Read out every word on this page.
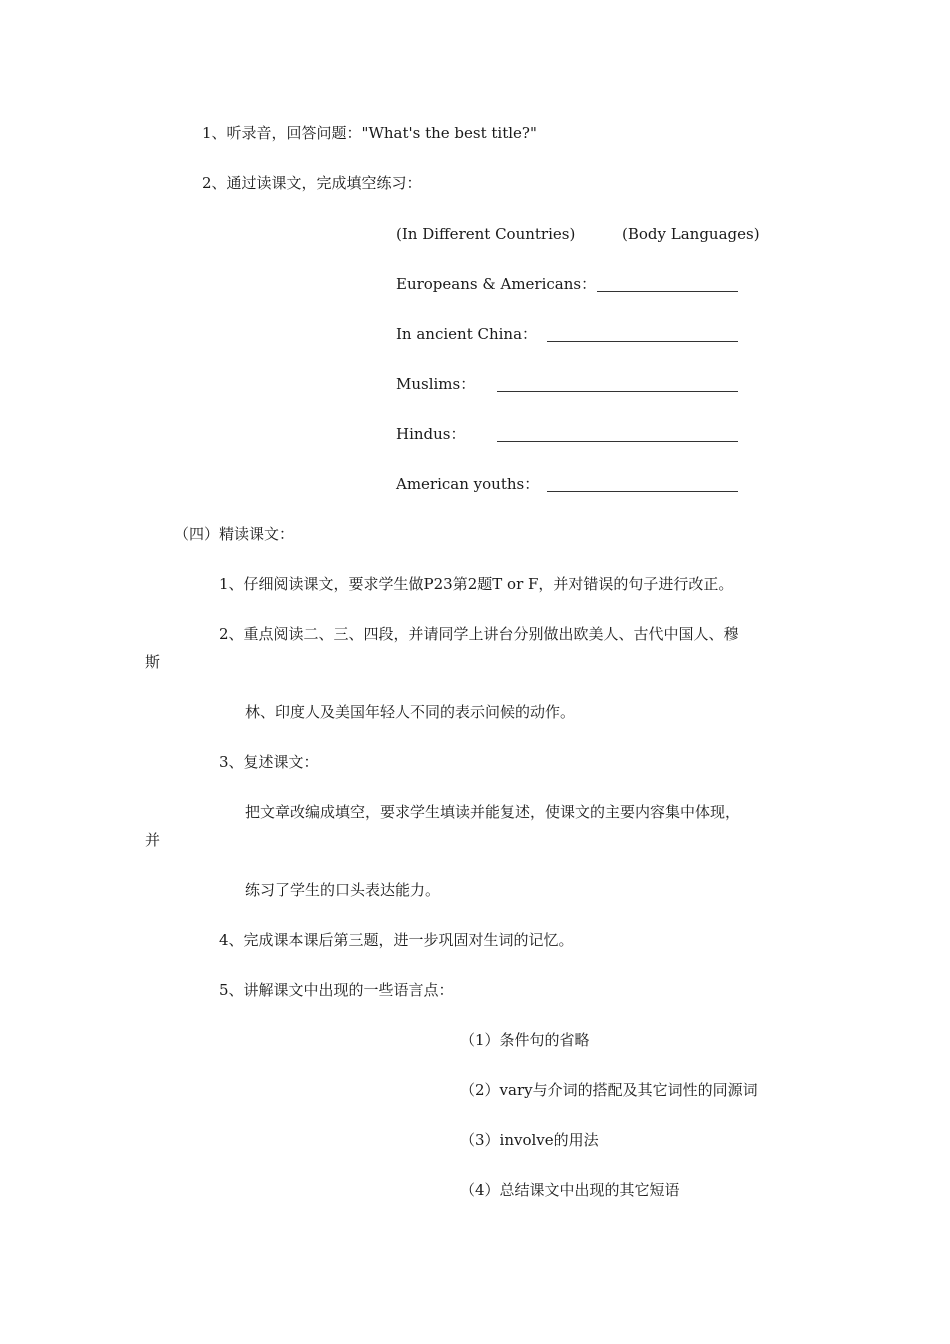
1、听录音，回答问题："What's the best title?"
2、通过读课文，完成填空练习：
(In Different Countries)	(Body Languages)
Europeans & Americans：
In ancient China：
Muslims：
Hindus：
American youths：
（四）精读课文：
1、仔细阅读课文，要求学生做P23第2题T or F，并对错误的句子进行改正。
2、重点阅读二、三、四段，并请同学上讲台分别做出欧美人、古代中国人、穆
斯
林、印度人及美国年轻人不同的表示问候的动作。
3、复述课文：
把文章改编成填空，要求学生填读并能复述，使课文的主要内容集中体现，
并
练习了学生的口头表达能力。
4、完成课本课后第三题，进一步巩固对生词的记忆。
5、讲解课文中出现的一些语言点：
（1）条件句的省略
（2）vary与介词的搭配及其它词性的同源词
（3）involve的用法
（4）总结课文中出现的其它短语
